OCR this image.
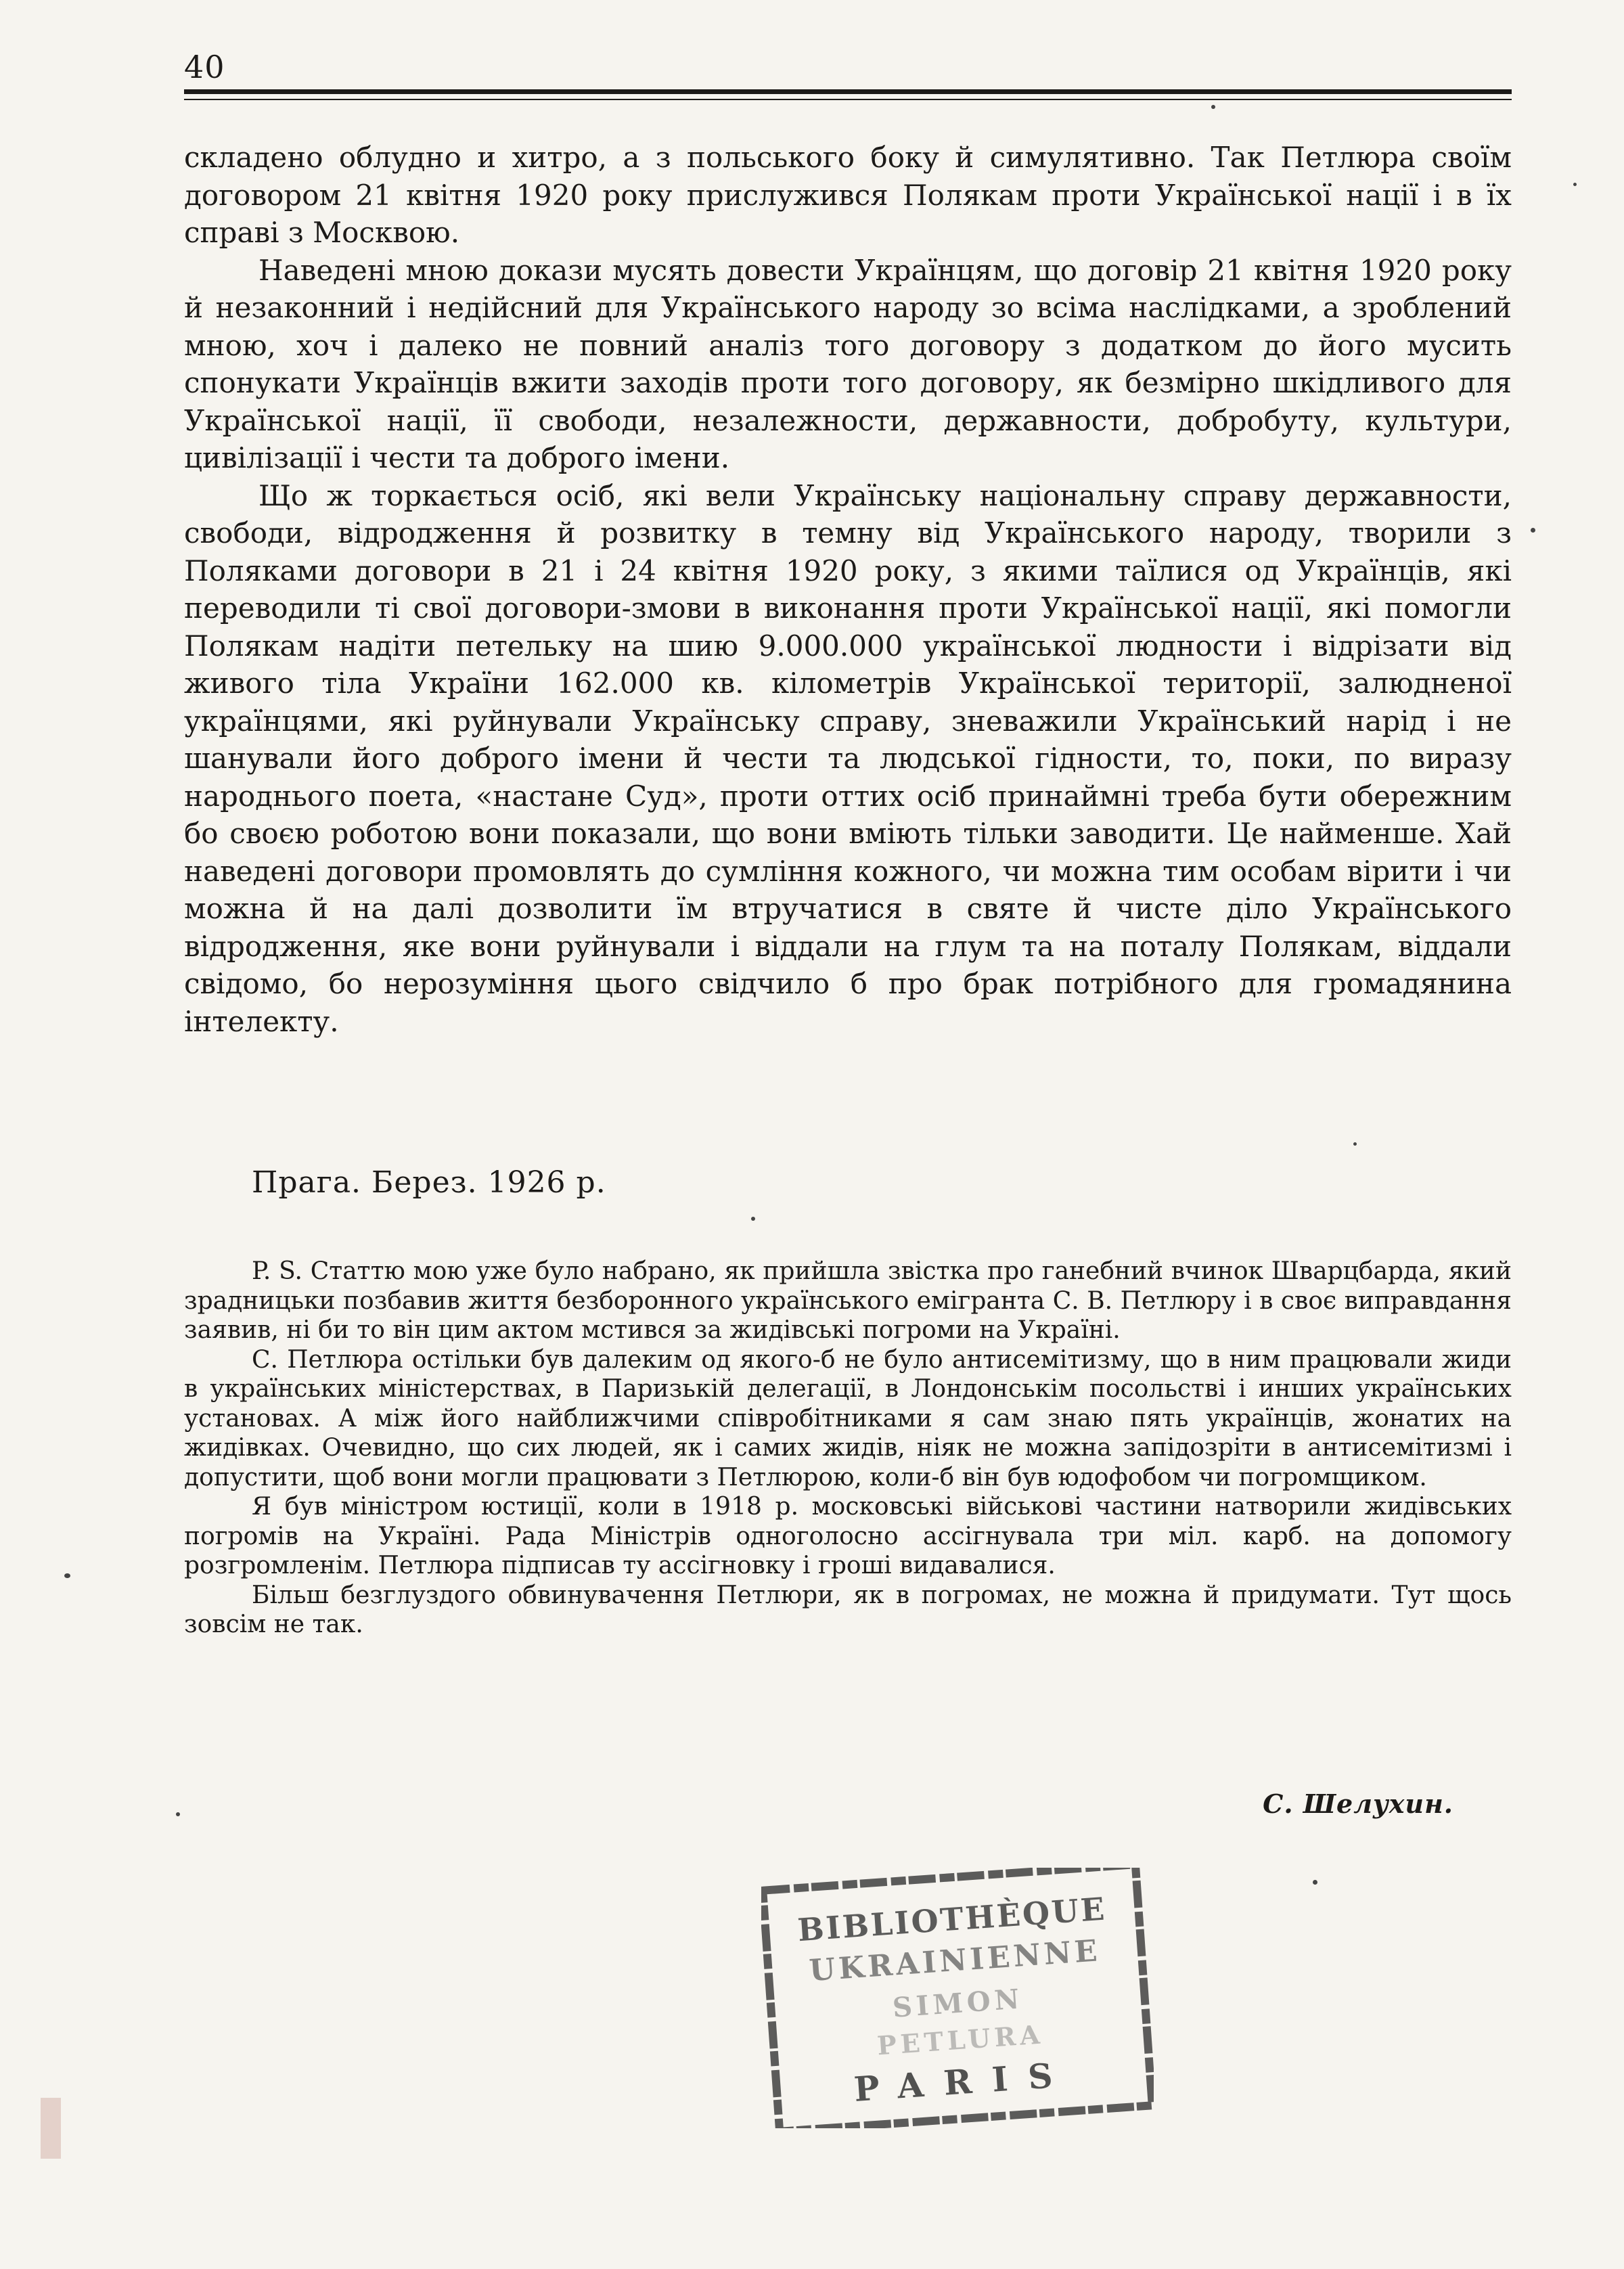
40

складено облудно и хитро, а з польського боку й симулятивно. Так Петлюра своїм договором 21 квітня 1920 року прислужився Полякам проти Української нації і в їх справі з Москвою.

Наведені мною докази мусять довести Українцям, що договір 21 квітня 1920 року й незаконний і недійсний для Українського народу зо всіма наслідками, а зроблений мною, хоч і далеко не повний аналіз того договору з додатком до його мусить спонукати Українців вжити заходів проти того договору, як безмірно шкідливого для Української нації, її свободи, незалежности, державности, добробуту, культури, цивілізації і чести та доброго імени.

Що ж торкається осіб, які вели Українську національну справу державности, свободи, відродження й розвитку в темну від Українського народу, творили з Поляками договори в 21 і 24 квітня 1920 року, з якими таїлися од Українців, які переводили ті свої договори-змови в виконання проти Української нації, які помогли Полякам надіти петельку на шию 9.000.000 української людности і відрізати від живого тіла України 162.000 кв. кілометрів Української території, залюдненої українцями, які руйнували Українську справу, зневажили Український нарід і не шанували його доброго імени й чести та людської гідности, то, поки, по виразу народнього поета, «настане Суд», проти оттих осіб принаймні треба бути обережним бо своєю роботою вони показали, що вони вміють тільки заводити. Це найменше. Хай наведені договори промовлять до сумління кожного, чи можна тим особам вірити і чи можна й на далі дозволити їм втручатися в святе й чисте діло Українського відродження, яке вони руйнували і віддали на глум та на поталу Полякам, віддали свідомо, бо нерозуміння цього свідчило б про брак потрібного для громадянина інтелекту.

Прага. Берез. 1926 р.

P. S. Статтю мою уже було набрано, як прийшла звістка про ганебний вчинок Шварцбарда, який зрадницьки позбавив життя безборонного українського емігранта С. В. Петлюру і в своє виправдання заявив, ні би то він цим актом мстився за жидівські погроми на Україні.

С. Петлюра остільки був далеким од якого-б не було антисемітизму, що в ним працювали жиди в українських міністерствах, в Паризькій делегації, в Лондонськім посольстві і инших українських установах. А між його найближчими співробітниками я сам знаю пять українців, жонатих на жидівках. Очевидно, що сих людей, як і самих жидів, ніяк не можна запідозріти в антисемітизмі і допустити, щоб вони могли працювати з Петлюрою, коли-б він був юдофобом чи погромщиком.

Я був міністром юстиції, коли в 1918 р. московські військові частини натворили жидівських погромів на Україні. Рада Міністрів одноголосно ассігнувала три міл. карб. на допомогу розгромленім. Петлюра підписав ту ассігновку і гроші видавалися.

Більш безглуздого обвинувачення Петлюри, як в погромах, не можна й придумати. Тут щось зовсім не так.

С. Шелухин.
BIBLIOTHÈQUE
UKRAINIENNE
SIMON
PETLURA
PARIS
